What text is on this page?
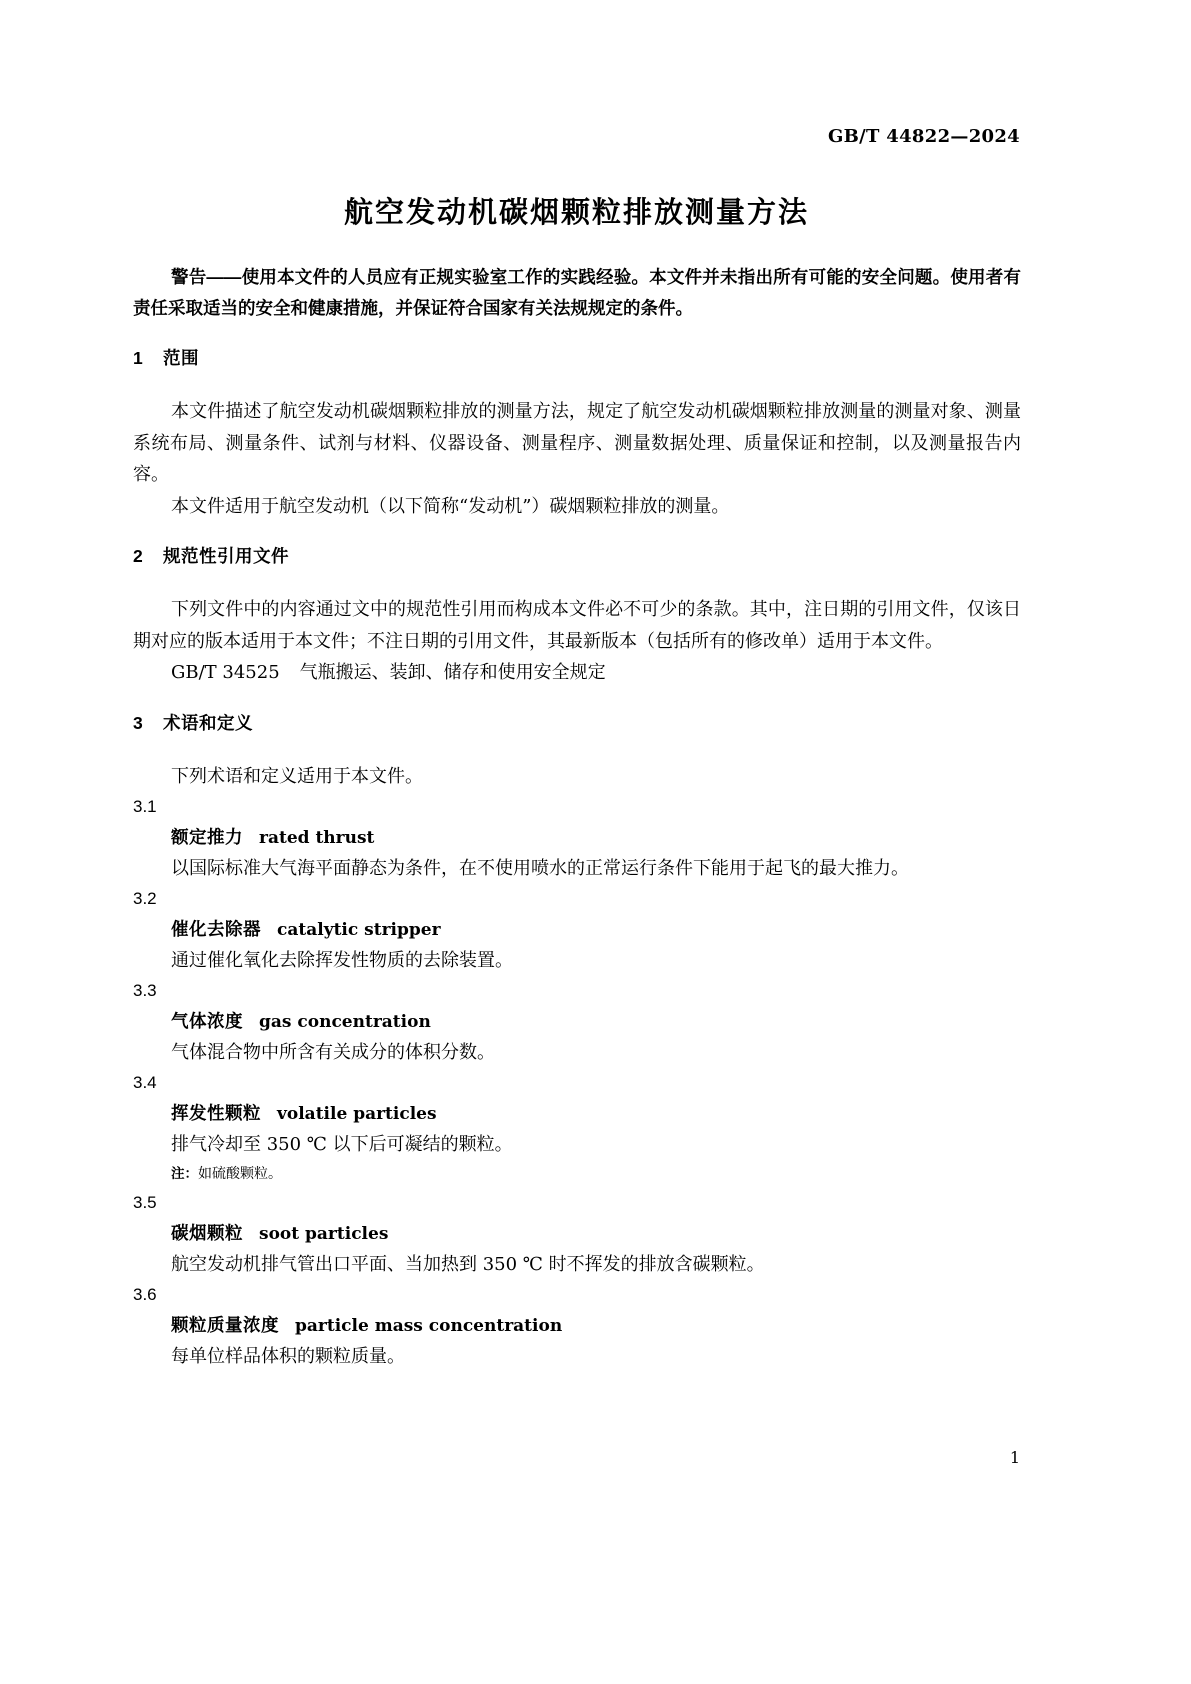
GB/T 44822—2024
航空发动机碳烟颗粒排放测量方法

警告——使用本文件的人员应有正规实验室工作的实践经验。本文件并未指出所有可能的安全问题。使用者有责任采取适当的安全和健康措施，并保证符合国家有关法规规定的条件。

1 范围

本文件描述了航空发动机碳烟颗粒排放的测量方法，规定了航空发动机碳烟颗粒排放测量的测量对象、测量系统布局、测量条件、试剂与材料、仪器设备、测量程序、测量数据处理、质量保证和控制，以及测量报告内容。

本文件适用于航空发动机（以下简称“发动机”）碳烟颗粒排放的测量。

2 规范性引用文件

下列文件中的内容通过文中的规范性引用而构成本文件必不可少的条款。其中，注日期的引用文件，仅该日期对应的版本适用于本文件；不注日期的引用文件，其最新版本（包括所有的修改单）适用于本文件。

GB/T 34525 气瓶搬运、装卸、储存和使用安全规定
3 术语和定义

下列术语和定义适用于本文件。

3.1
额定推力 rated thrust
以国际标准大气海平面静态为条件，在不使用喷水的正常运行条件下能用于起飞的最大推力。
3.2
催化去除器 catalytic stripper
通过催化氧化去除挥发性物质的去除装置。
3.3
气体浓度 gas concentration
气体混合物中所含有关成分的体积分数。
3.4
挥发性颗粒 volatile particles
排气冷却至 350 ℃ 以下后可凝结的颗粒。
注：如硫酸颗粒。
3.5
碳烟颗粒 soot particles
航空发动机排气管出口平面、当加热到 350 ℃ 时不挥发的排放含碳颗粒。
3.6
颗粒质量浓度 particle mass concentration
每单位样品体积的颗粒质量。
1
